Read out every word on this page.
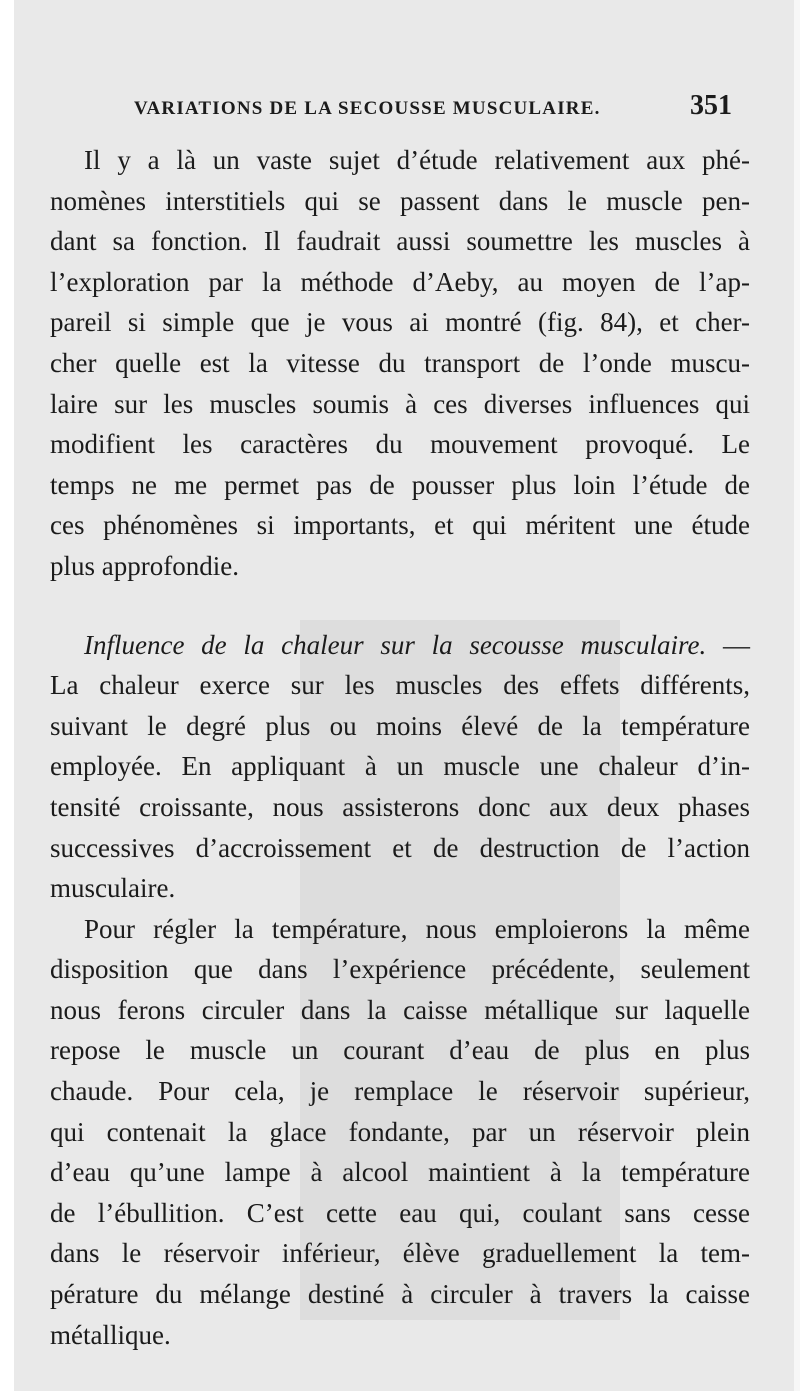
VARIATIONS DE LA SECOUSSE MUSCULAIRE.	351

Il y a là un vaste sujet d’étude relativement aux phé-
nomènes interstitiels qui se passent dans le muscle pen-
dant sa fonction. Il faudrait aussi soumettre les muscles à
l’exploration par la méthode d’Aeby, au moyen de l’ap-
pareil si simple que je vous ai montré (fig. 84), et cher-
cher quelle est la vitesse du transport de l’onde muscu-
laire sur les muscles soumis à ces diverses influences qui
modifient les caractères du mouvement provoqué. Le
temps ne me permet pas de pousser plus loin l’étude de
ces phénomènes si importants, et qui méritent une étude
plus approfondie.

Influence de la chaleur sur la secousse musculaire. —
La chaleur exerce sur les muscles des effets différents,
suivant le degré plus ou moins élevé de la température
employée. En appliquant à un muscle une chaleur d’in-
tensité croissante, nous assisterons donc aux deux phases
successives d’accroissement et de destruction de l’action
musculaire.

Pour régler la température, nous emploierons la même
disposition que dans l’expérience précédente, seulement
nous ferons circuler dans la caisse métallique sur laquelle
repose le muscle un courant d’eau de plus en plus
chaude. Pour cela, je remplace le réservoir supérieur,
qui contenait la glace fondante, par un réservoir plein
d’eau qu’une lampe à alcool maintient à la température
de l’ébullition. C’est cette eau qui, coulant sans cesse
dans le réservoir inférieur, élève graduellement la tem-
pérature du mélange destiné à circuler à travers la caisse
métallique.
